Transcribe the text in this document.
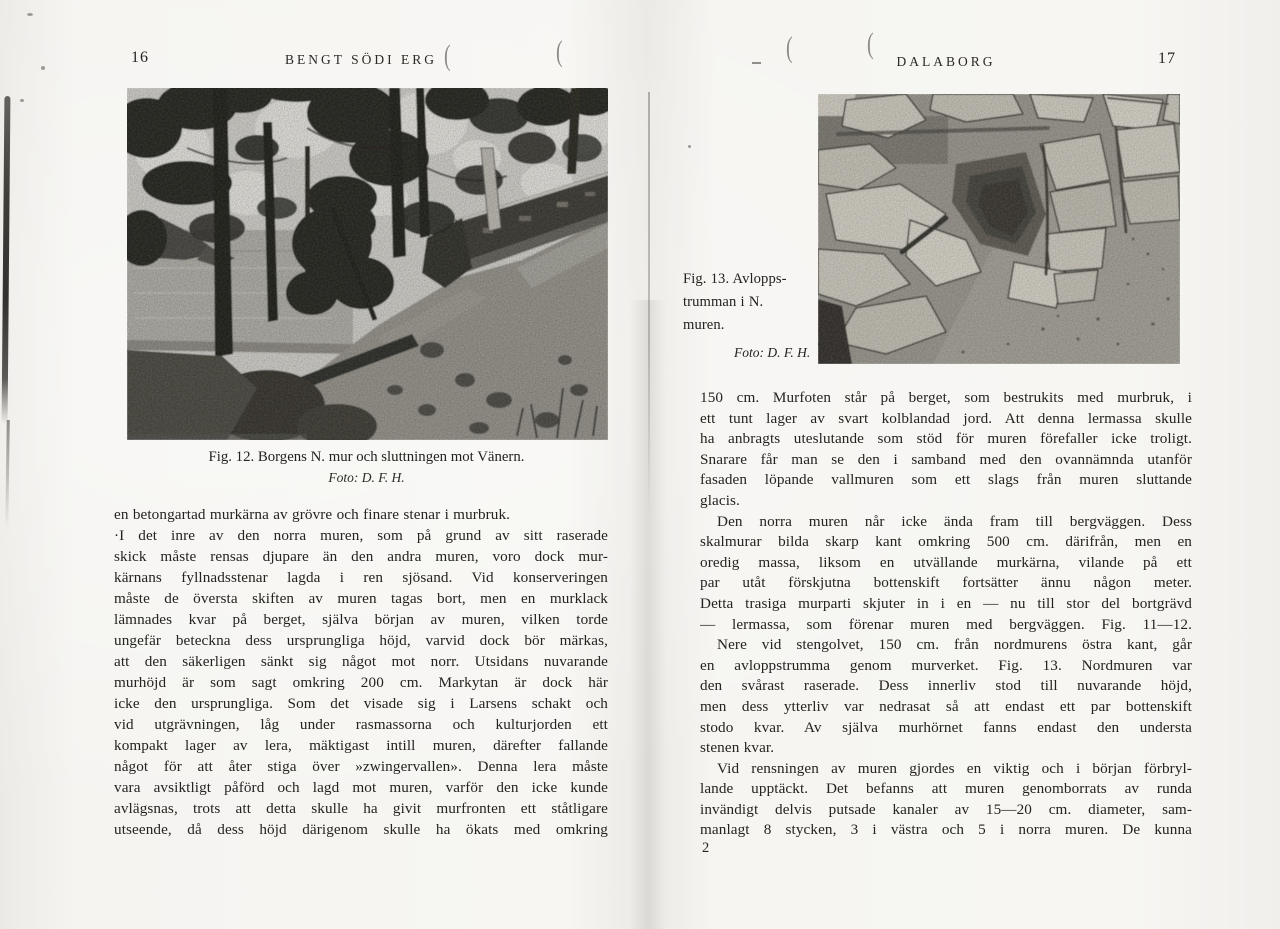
16	BENGT SÖDI ERG (	(
Fig. 12. Borgens N. mur och sluttningen mot Vänern.
Foto: D. F. H.
en betongartad murkärna av grövre och finare stenar i murbruk.
·I det inre av den norra muren, som på grund av sitt raserade
skick måste rensas djupare än den andra muren, voro dock mur-
kärnans fyllnadsstenar lagda i ren sjösand. Vid konserveringen
måste de översta skiften av muren tagas bort, men en murklack
lämnades kvar på berget, själva början av muren, vilken torde
ungefär beteckna dess ursprungliga höjd, varvid dock bör märkas,
att den säkerligen sänkt sig något mot norr. Utsidans nuvarande
murhöjd är som sagt omkring 200 cm. Markytan är dock här
icke den ursprungliga. Som det visade sig i Larsens schakt och
vid utgrävningen, låg under rasmassorna och kulturjorden ett
kompakt lager av lera, mäktigast intill muren, därefter fallande
något för att åter stiga över »zwingervallen». Denna lera måste
vara avsiktligt påförd och lagd mot muren, varför den icke kunde
avlägsnas, trots att detta skulle ha givit murfronten ett ståtligare
utseende, då dess höjd därigenom skulle ha ökats med omkring
DALABORG	17
(	(
Fig. 13. Avlopps-
trumman i N.
muren.
Foto: D. F. H.
150 cm. Murfoten står på berget, som bestrukits med murbruk, i
ett tunt lager av svart kolblandad jord. Att denna lermassa skulle
ha anbragts uteslutande som stöd för muren förefaller icke troligt.
Snarare får man se den i samband med den ovannämnda utanför
fasaden löpande vallmuren som ett slags från muren sluttande
glacis.
Den norra muren når icke ända fram till bergväggen. Dess
skalmurar bilda skarp kant omkring 500 cm. därifrån, men en
oredig massa, liksom en utvällande murkärna, vilande på ett
par utåt förskjutna bottenskift fortsätter ännu någon meter.
Detta trasiga murparti skjuter in i en — nu till stor del bortgrävd
— lermassa, som förenar muren med bergväggen. Fig. 11—12.
Nere vid stengolvet, 150 cm. från nordmurens östra kant, går
en avloppstrumma genom murverket. Fig. 13. Nordmuren var
den svårast raserade. Dess innerliv stod till nuvarande höjd,
men dess ytterliv var nedrasat så att endast ett par bottenskift
stodo kvar. Av själva murhörnet fanns endast den understa
stenen kvar.
Vid rensningen av muren gjordes en viktig och i början förbryl-
lande upptäckt. Det befanns att muren genomborrats av runda
invändigt delvis putsade kanaler av 15—20 cm. diameter, sam-
manlagt 8 stycken, 3 i västra och 5 i norra muren. De kunna
2
